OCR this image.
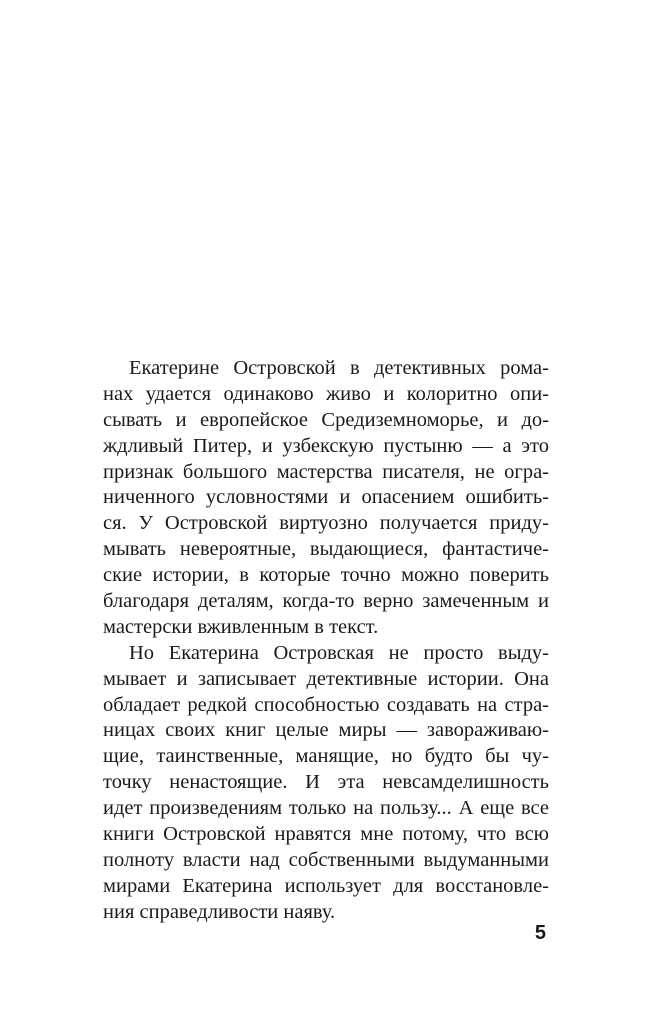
Екатерине Островской в детективных рома-
нах удается одинаково живо и колоритно опи-
сывать и европейское Средиземноморье, и до-
ждливый Питер, и узбекскую пустыню — а это
признак большого мастерства писателя, не огра-
ниченного условностями и опасением ошибить-
ся. У Островской виртуозно получается приду-
мывать невероятные, выдающиеся, фантастиче-
ские истории, в которые точно можно поверить
благодаря деталям, когда-то верно замеченным и
мастерски вживленным в текст.
Но Екатерина Островская не просто выду-
мывает и записывает детективные истории. Она
обладает редкой способностью создавать на стра-
ницах своих книг целые миры — завораживаю-
щие, таинственные, манящие, но будто бы чу-
точку ненастоящие. И эта невсамделишность
идет произведениям только на пользу... А еще все
книги Островской нравятся мне потому, что всю
полноту власти над собственными выдуманными
мирами Екатерина использует для восстановле-
ния справедливости наяву.
5
